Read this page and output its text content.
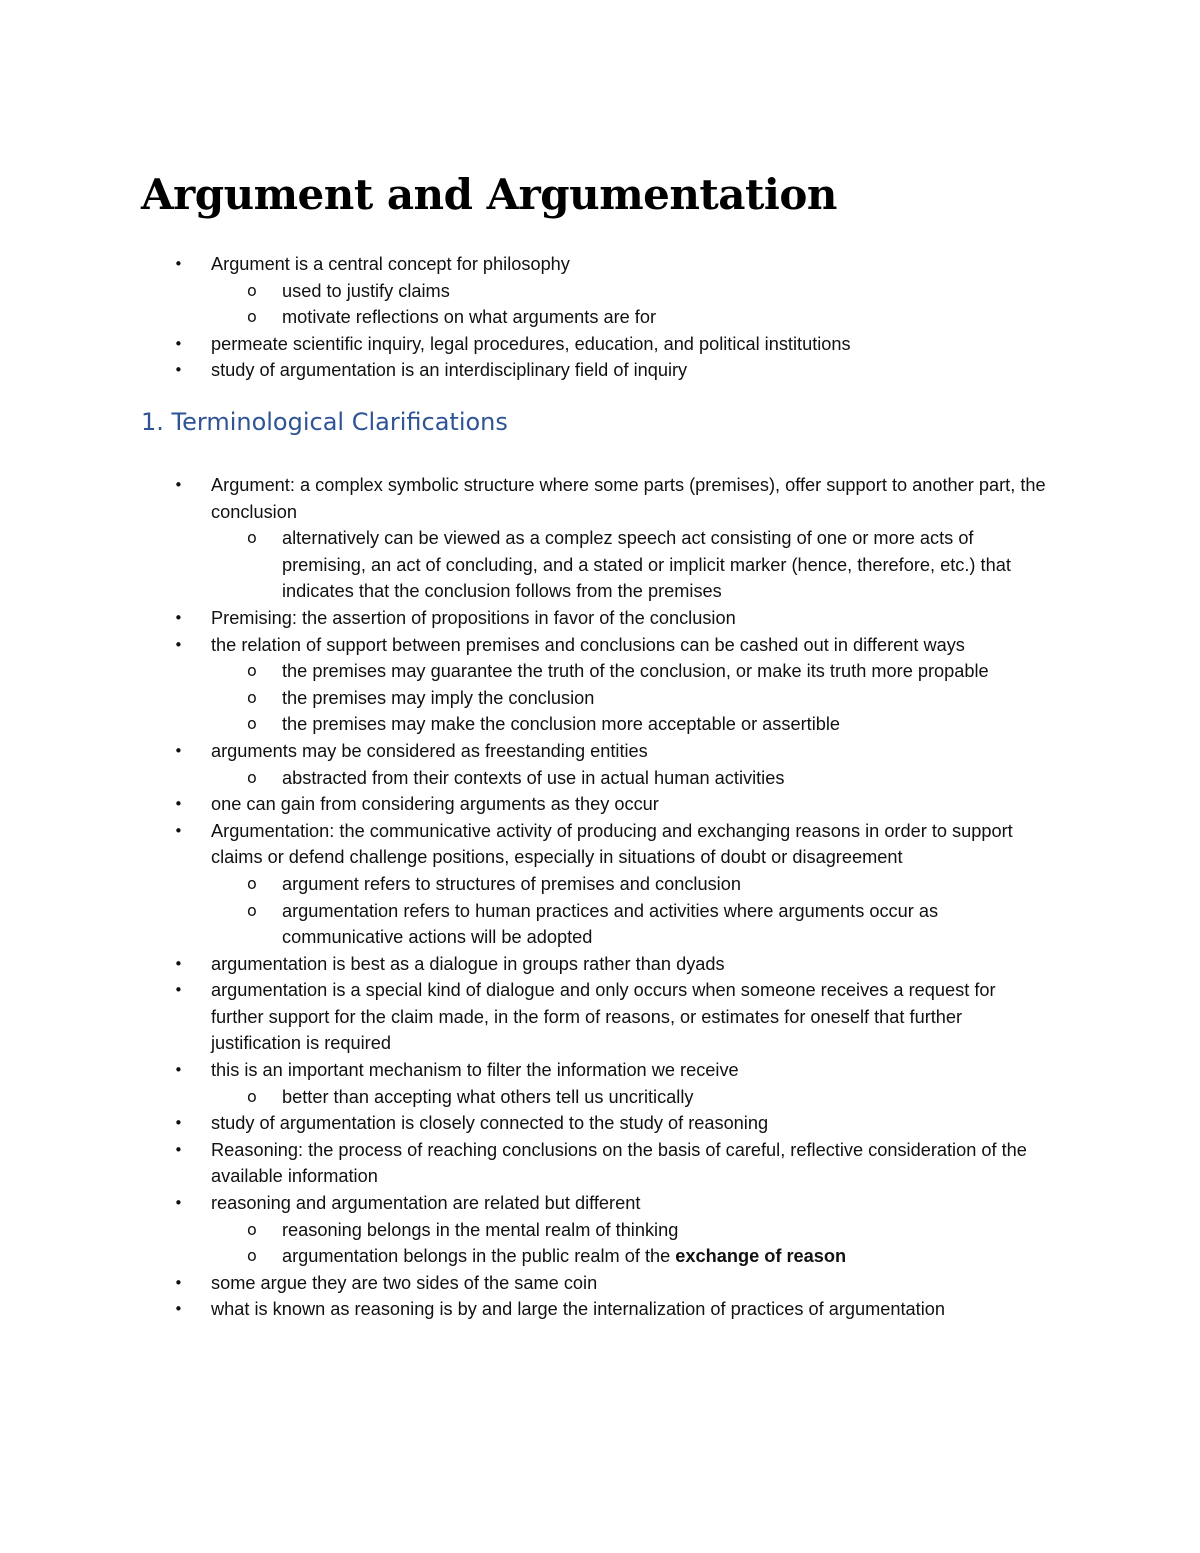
Argument and Argumentation
• Argument is a central concept for philosophy
o used to justify claims
o motivate reflections on what arguments are for
• permeate scientific inquiry, legal procedures, education, and political institutions
• study of argumentation is an interdisciplinary field of inquiry
1. Terminological Clarifications
• Argument: a complex symbolic structure where some parts (premises), offer support to another part, the conclusion
o alternatively can be viewed as a complez speech act consisting of one or more acts of premising, an act of concluding, and a stated or implicit marker (hence, therefore, etc.) that indicates that the conclusion follows from the premises
• Premising: the assertion of propositions in favor of the conclusion
• the relation of support between premises and conclusions can be cashed out in different ways
o the premises may guarantee the truth of the conclusion, or make its truth more propable
o the premises may imply the conclusion
o the premises may make the conclusion more acceptable or assertible
• arguments may be considered as freestanding entities
o abstracted from their contexts of use in actual human activities
• one can gain from considering arguments as they occur
• Argumentation: the communicative activity of producing and exchanging reasons in order to support claims or defend challenge positions, especially in situations of doubt or disagreement
o argument refers to structures of premises and conclusion
o argumentation refers to human practices and activities where arguments occur as communicative actions will be adopted
• argumentation is best as a dialogue in groups rather than dyads
• argumentation is a special kind of dialogue and only occurs when someone receives a request for further support for the claim made, in the form of reasons, or estimates for oneself that further justification is required
• this is an important mechanism to filter the information we receive
o better than accepting what others tell us uncritically
• study of argumentation is closely connected to the study of reasoning
• Reasoning: the process of reaching conclusions on the basis of careful, reflective consideration of the available information
• reasoning and argumentation are related but different
o reasoning belongs in the mental realm of thinking
o argumentation belongs in the public realm of the exchange of reason
• some argue they are two sides of the same coin
• what is known as reasoning is by and large the internalization of practices of argumentation
